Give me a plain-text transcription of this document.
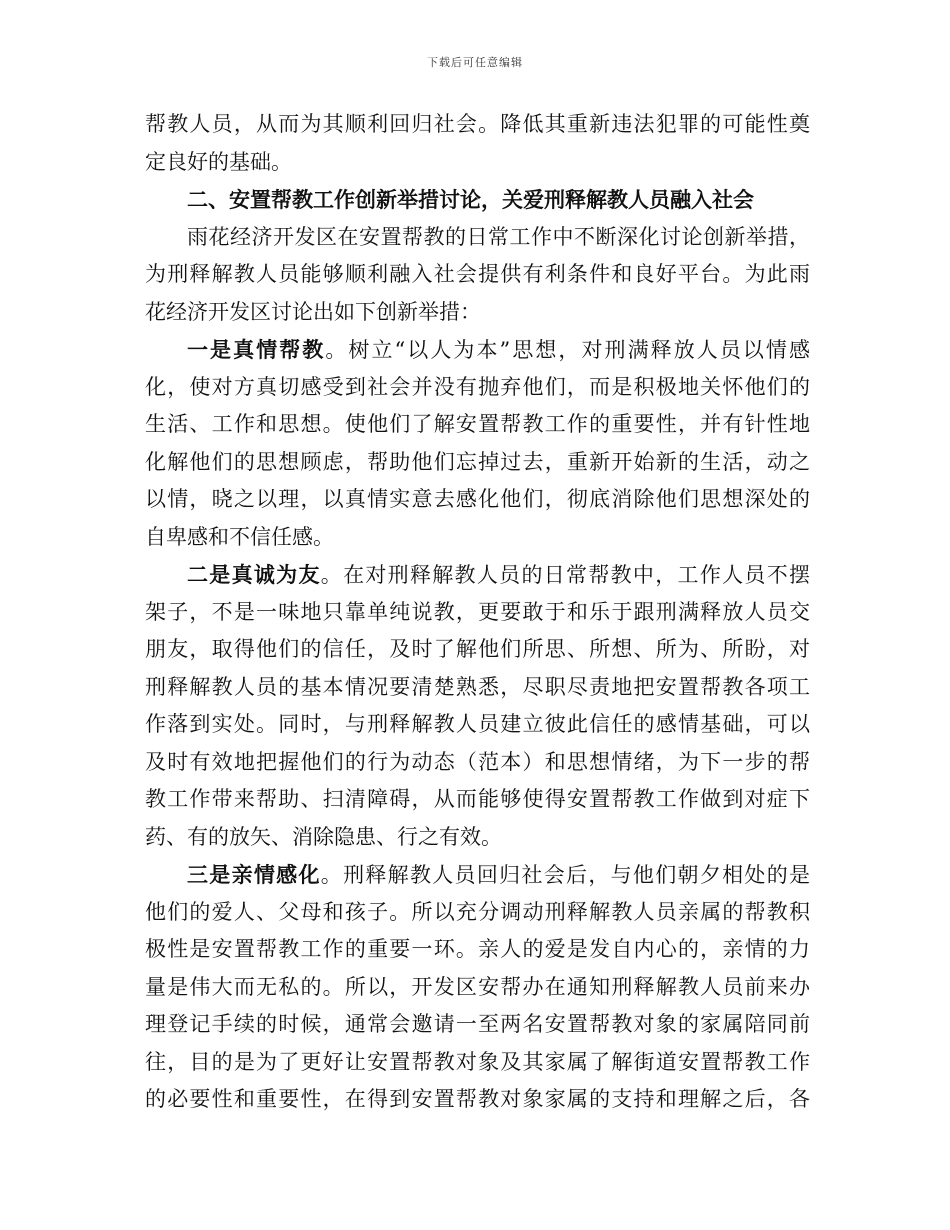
下载后可任意编辑
帮教人员，从而为其顺利回归社会。降低其重新违法犯罪的可能性奠
定良好的基础。
二、安置帮教工作创新举措讨论，关爱刑释解教人员融入社会
雨花经济开发区在安置帮教的日常工作中不断深化讨论创新举措，
为刑释解教人员能够顺利融入社会提供有利条件和良好平台。为此雨
花经济开发区讨论出如下创新举措：
一是真情帮教。树立“以人为本”思想，对刑满释放人员以情感
化，使对方真切感受到社会并没有抛弃他们，而是积极地关怀他们的
生活、工作和思想。使他们了解安置帮教工作的重要性，并有针性地
化解他们的思想顾虑，帮助他们忘掉过去，重新开始新的生活，动之
以情，晓之以理，以真情实意去感化他们，彻底消除他们思想深处的
自卑感和不信任感。
二是真诚为友。在对刑释解教人员的日常帮教中，工作人员不摆
架子，不是一味地只靠单纯说教，更要敢于和乐于跟刑满释放人员交
朋友，取得他们的信任，及时了解他们所思、所想、所为、所盼，对
刑释解教人员的基本情况要清楚熟悉，尽职尽责地把安置帮教各项工
作落到实处。同时，与刑释解教人员建立彼此信任的感情基础，可以
及时有效地把握他们的行为动态（范本）和思想情绪，为下一步的帮
教工作带来帮助、扫清障碍，从而能够使得安置帮教工作做到对症下
药、有的放矢、消除隐患、行之有效。
三是亲情感化。刑释解教人员回归社会后，与他们朝夕相处的是
他们的爱人、父母和孩子。所以充分调动刑释解教人员亲属的帮教积
极性是安置帮教工作的重要一环。亲人的爱是发自内心的，亲情的力
量是伟大而无私的。所以，开发区安帮办在通知刑释解教人员前来办
理登记手续的时候，通常会邀请一至两名安置帮教对象的家属陪同前
往，目的是为了更好让安置帮教对象及其家属了解街道安置帮教工作
的必要性和重要性，在得到安置帮教对象家属的支持和理解之后，各
